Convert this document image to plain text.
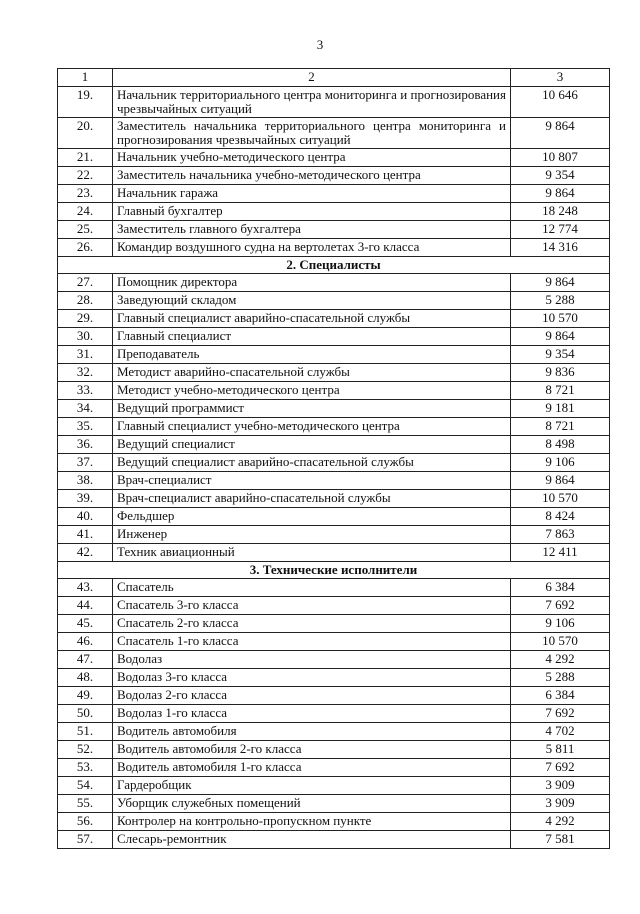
3
1	2	3
19.	Начальник территориального центра мониторинга и прогнозирования чрезвычайных ситуаций	10 646
20.	Заместитель начальника территориального центра мониторинга и прогнозирования чрезвычайных ситуаций	9 864
21.	Начальник учебно-методического центра	10 807
22.	Заместитель начальника учебно-методического центра	9 354
23.	Начальник гаража	9 864
24.	Главный бухгалтер	18 248
25.	Заместитель главного бухгалтера	12 774
26.	Командир воздушного судна на вертолетах 3-го класса	14 316
2. Специалисты		
27.	Помощник директора	9 864
28.	Заведующий складом	5 288
29.	Главный специалист аварийно-спасательной службы	10 570
30.	Главный специалист	9 864
31.	Преподаватель	9 354
32.	Методист аварийно-спасательной службы	9 836
33.	Методист учебно-методического центра	8 721
34.	Ведущий программист	9 181
35.	Главный специалист учебно-методического центра	8 721
36.	Ведущий специалист	8 498
37.	Ведущий специалист аварийно-спасательной службы	9 106
38.	Врач-специалист	9 864
39.	Врач-специалист аварийно-спасательной службы	10 570
40.	Фельдшер	8 424
41.	Инженер	7 863
42.	Техник авиационный	12 411
3. Технические исполнители		
43.	Спасатель	6 384
44.	Спасатель 3-го класса	7 692
45.	Спасатель 2-го класса	9 106
46.	Спасатель 1-го класса	10 570
47.	Водолаз	4 292
48.	Водолаз 3-го класса	5 288
49.	Водолаз 2-го класса	6 384
50.	Водолаз 1-го класса	7 692
51.	Водитель автомобиля	4 702
52.	Водитель автомобиля 2-го класса	5 811
53.	Водитель автомобиля 1-го класса	7 692
54.	Гардеробщик	3 909
55.	Уборщик служебных помещений	3 909
56.	Контролер на контрольно-пропускном пункте	4 292
57.	Слесарь-ремонтник	7 581
